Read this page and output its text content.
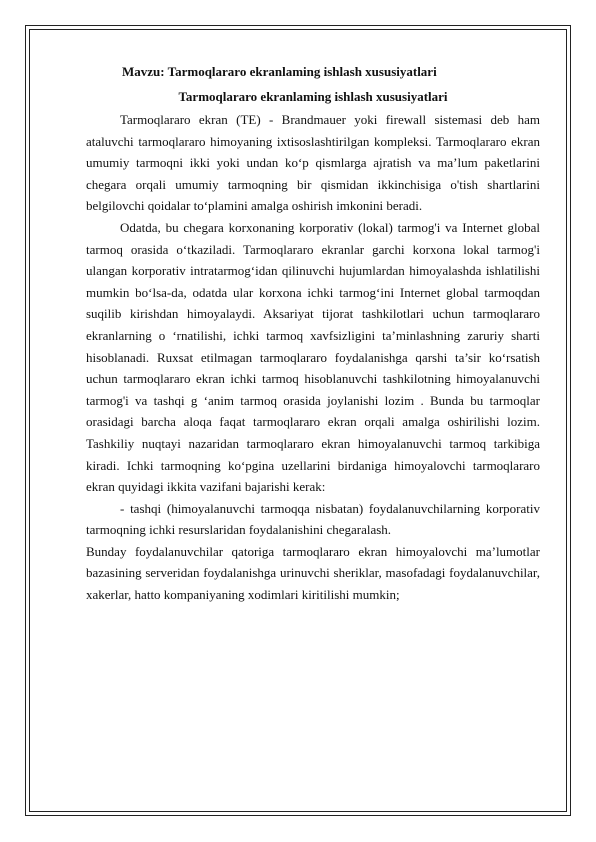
Mavzu: Tarmoqlararo ekranlaming ishlash xususiyatlari
Tarmoqlararo ekranlaming ishlash xususiyatlari

Tarmoqlararo ekran (TE) - Brandmauer yoki firewall sistemasi deb ham ataluvchi tarmoqlararo himoyaning ixtisoslashtirilgan kompleksi. Tarmoqlararo ekran umumiy tarmoqni ikki yoki undan ko‘p qismlarga ajratish va ma’lum paketlarini chegara orqali umumiy tarmoqning bir qismidan ikkinchisiga o'tish shartlarini belgilovchi qoidalar to‘plamini amalga oshirish imkonini beradi.

Odatda, bu chegara korxonaning korporativ (lokal) tarmog'i va Internet global tarmoq orasida o‘tkaziladi. Tarmoqlararo ekranlar garchi korxona lokal tarmog'i ulangan korporativ intratarmog‘idan qilinuvchi hujumlardan himoyalashda ishlatilishi mumkin bo‘lsa-da, odatda ular korxona ichki tarmog‘ini Internet global tarmoqdan suqilib kirishdan himoyalaydi. Aksariyat tijorat tashkilotlari uchun tarmoqlararo ekranlarning o ‘rnatilishi, ichki tarmoq xavfsizligini ta’minlashning zaruriy sharti hisoblanadi. Ruxsat etilmagan tarmoqlararo foydalanishga qarshi ta’sir ko‘rsatish uchun tarmoqlararo ekran ichki tarmoq hisoblanuvchi tashkilotning himoyalanuvchi tarmog'i va tashqi g ‘anim tarmoq orasida joylanishi lozim . Bunda bu tarmoqlar orasidagi barcha aloqa faqat tarmoqlararo ekran orqali amalga oshirilishi lozim. Tashkiliy nuqtayi nazaridan tarmoqlararo ekran himoyalanuvchi tarmoq tarkibiga kiradi. Ichki tarmoqning ko‘pgina uzellarini birdaniga himoyalovchi tarmoqlararo ekran quyidagi ikkita vazifani bajarishi kerak:

- tashqi (himoyalanuvchi tarmoqqa nisbatan) foydalanuvchilarning korporativ tarmoqning ichki resurslaridan foydalanishini chegaralash.

Bunday foydalanuvchilar qatoriga tarmoqlararo ekran himoyalovchi ma’lumotlar bazasining serveridan foydalanishga urinuvchi sheriklar, masofadagi foydalanuvchilar, xakerlar, hatto kompaniyaning xodimlari kiritilishi mumkin;
